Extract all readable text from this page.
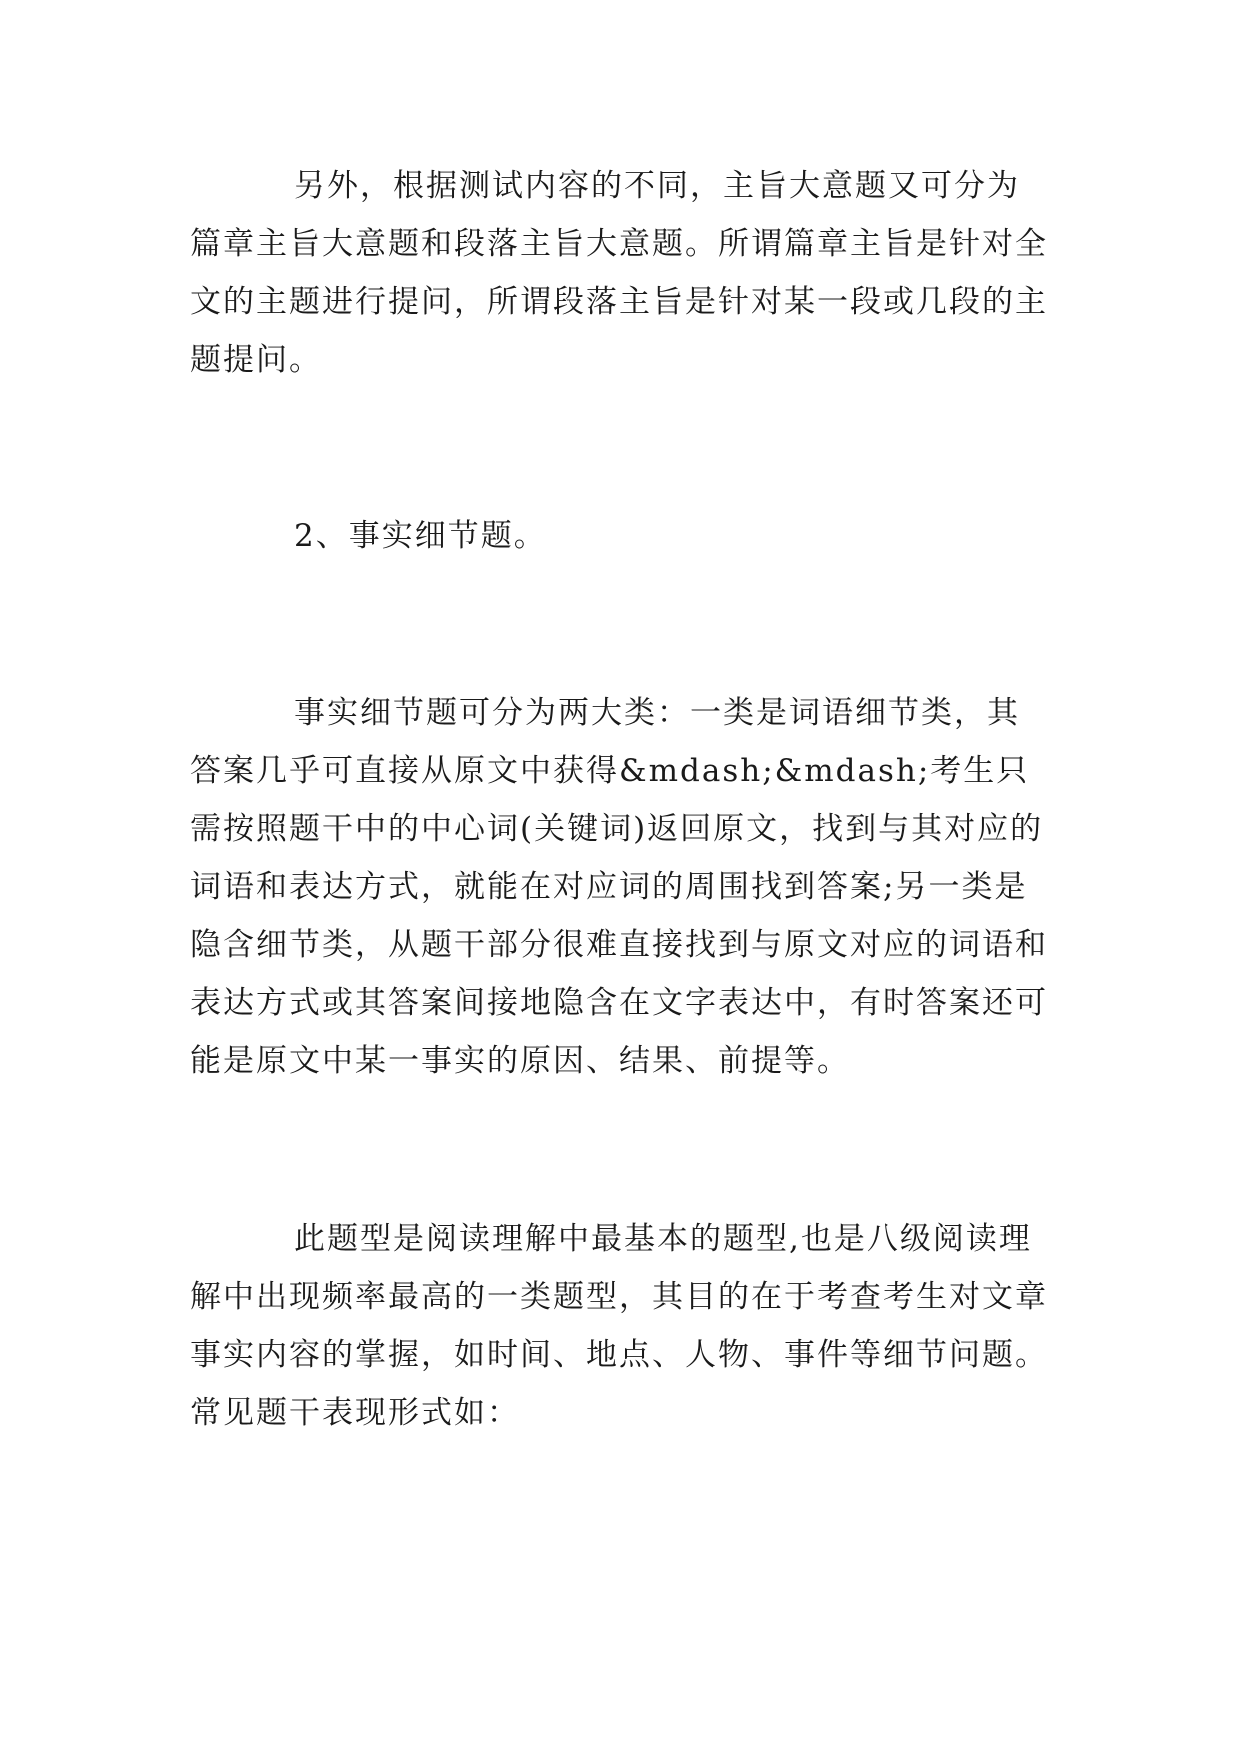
另外，根据测试内容的不同，主旨大意题又可分为篇章主旨大意题和段落主旨大意题。所谓篇章主旨是针对全文的主题进行提问，所谓段落主旨是针对某一段或几段的主题提问。

2、事实细节题。

事实细节题可分为两大类：一类是词语细节类，其答案几乎可直接从原文中获得&mdash;&mdash;考生只需按照题干中的中心词(关键词)返回原文，找到与其对应的词语和表达方式，就能在对应词的周围找到答案;另一类是隐含细节类，从题干部分很难直接找到与原文对应的词语和表达方式或其答案间接地隐含在文字表达中，有时答案还可能是原文中某一事实的原因、结果、前提等。

此题型是阅读理解中最基本的题型,也是八级阅读理解中出现频率最高的一类题型，其目的在于考查考生对文章事实内容的掌握，如时间、地点、人物、事件等细节问题。常见题干表现形式如：
